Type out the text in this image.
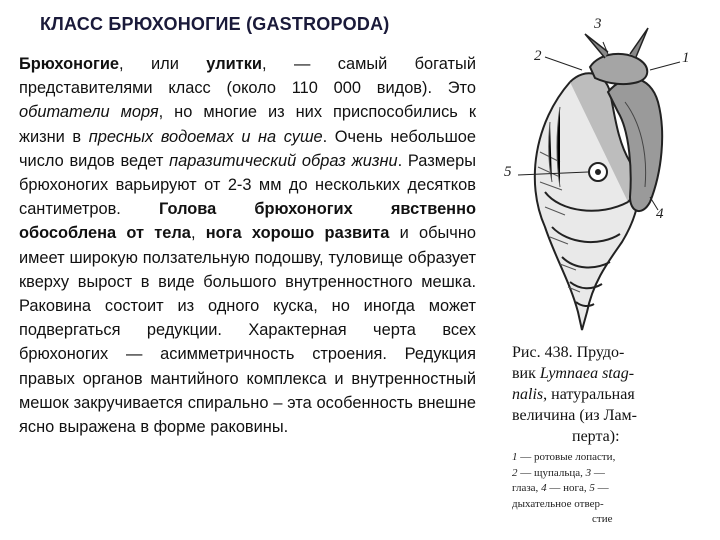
КЛАСС БРЮХОНОГИЕ (GASTROPODA)
Брюхоногие, или улитки, — самый богатый представителями класс (около 110 000 видов). Это обитатели моря, но многие из них приспособились к жизни в пресных водоемах и на суше. Очень небольшое число видов ведет паразитический образ жизни. Размеры брюхоногих варьируют от 2-3 мм до нескольких десятков сантиметров. Голова брюхоногих явственно обособлена от тела, нога хорошо развита и обычно имеет широкую ползательную подошву, туловище образует кверху вырост в виде большого внутренностного мешка. Раковина состоит из одного куска, но иногда может подвергаться редукции. Характерная черта всех брюхоногих — асимметричность строения. Редукция правых органов мантийного комплекса и внутренностный мешок закручивается спирально – эта особенность внешне ясно выражена в форме раковины.
2
3
1
5
4
Рис. 438. Прудо-
вик Lymnaea stag-
nalis, натуральная
величина (из Лам-
перта):
1 — ротовые лопасти,
2 — щупальца, 3 —
глаза, 4 — нога, 5 —
дыхательное отвер-
стие
